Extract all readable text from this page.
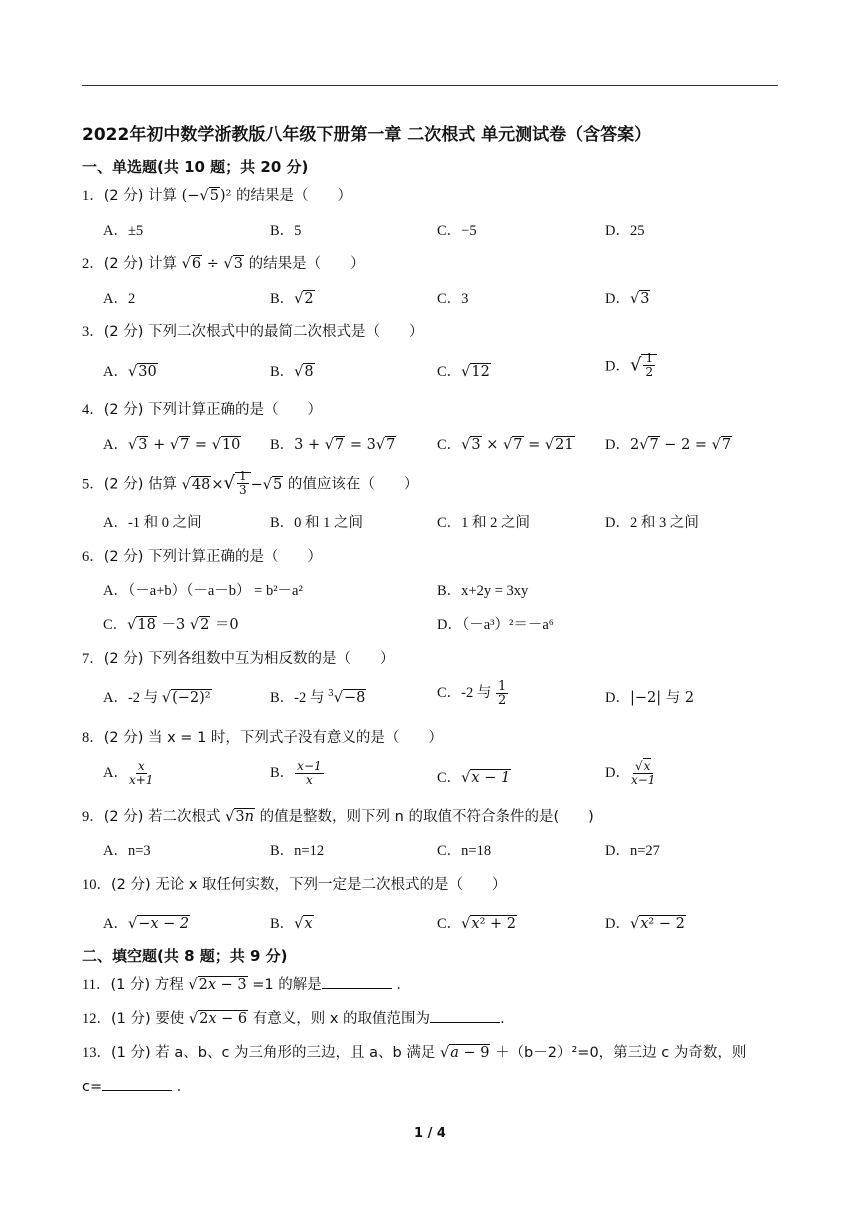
2022年初中数学浙教版八年级下册第一章 二次根式 单元测试卷（含答案）
一、单选题(共 10 题；共 20 分)
1．(2 分) 计算 (−√5)² 的结果是（　　）
A．±5	B．5	C．−5	D．25
2．(2 分) 计算 √6 ÷ √3 的结果是（　　）
A．2	B．√2	C．3	D．√3
3．(2 分) 下列二次根式中的最简二次根式是（　　）
A．√30	B．√8	C．√12	D．√ $\frac{1}{2}$
4．(2 分) 下列计算正确的是（　　）
A．√3 + √7 = √10 B．3 + √7 = 3√7	C．√3 × √7 = √21 D．2√7 − 2 = √7
5．(2 分) 估算 $√48\times√ \frac{1}{3} -√5$ 的值应该在（　　）
A．-1 和 0 之间	B．0 和 1 之间	C．1 和 2 之间	D．2 和 3 之间
6．(2 分) 下列计算正确的是（　　）
A．（－a+b）（－a－b） = b²－a²	B．x+2y = 3xy
C．√18 －3 √2 ＝0	D．（－a³）²＝－a⁶
7．(2 分) 下列各组数中互为相反数的是（　　）
A．-2 与 √(−2)²	B．-2 与 $^3$√−8	C．-2 与 $\frac{1}{2}$	D．|−2| 与 2
8．(2 分) 当 x = 1 时，下列式子没有意义的是（　　）
A． $\frac{x}{x+1}$	B． $\frac{x-1}{x}$	C．√x − 1	D． $\frac{√x}{x-1}$
9．(2 分) 若二次根式 √3n 的值是整数，则下列 n 的取值不符合条件的是(　　)
A．n=3	B．n=12	C．n=18	D．n=27
10．(2 分) 无论 x 取任何实数，下列一定是二次根式的是（　　）
A．√−x − 2	B．√x	C．√x² + 2	D．√x² − 2
二、填空题(共 8 题；共 9 分)
11．(1 分) 方程 √2x − 3 =1 的解是	．
12．(1 分) 要使 √2x − 6 有意义，则 x 的取值范围为	.
13．(1 分) 若 a、b、c 为三角形的三边，且 a、b 满足 √a − 9 ＋（b－2）²=0，第三边 c 为奇数，则
c=	．
1 / 4
